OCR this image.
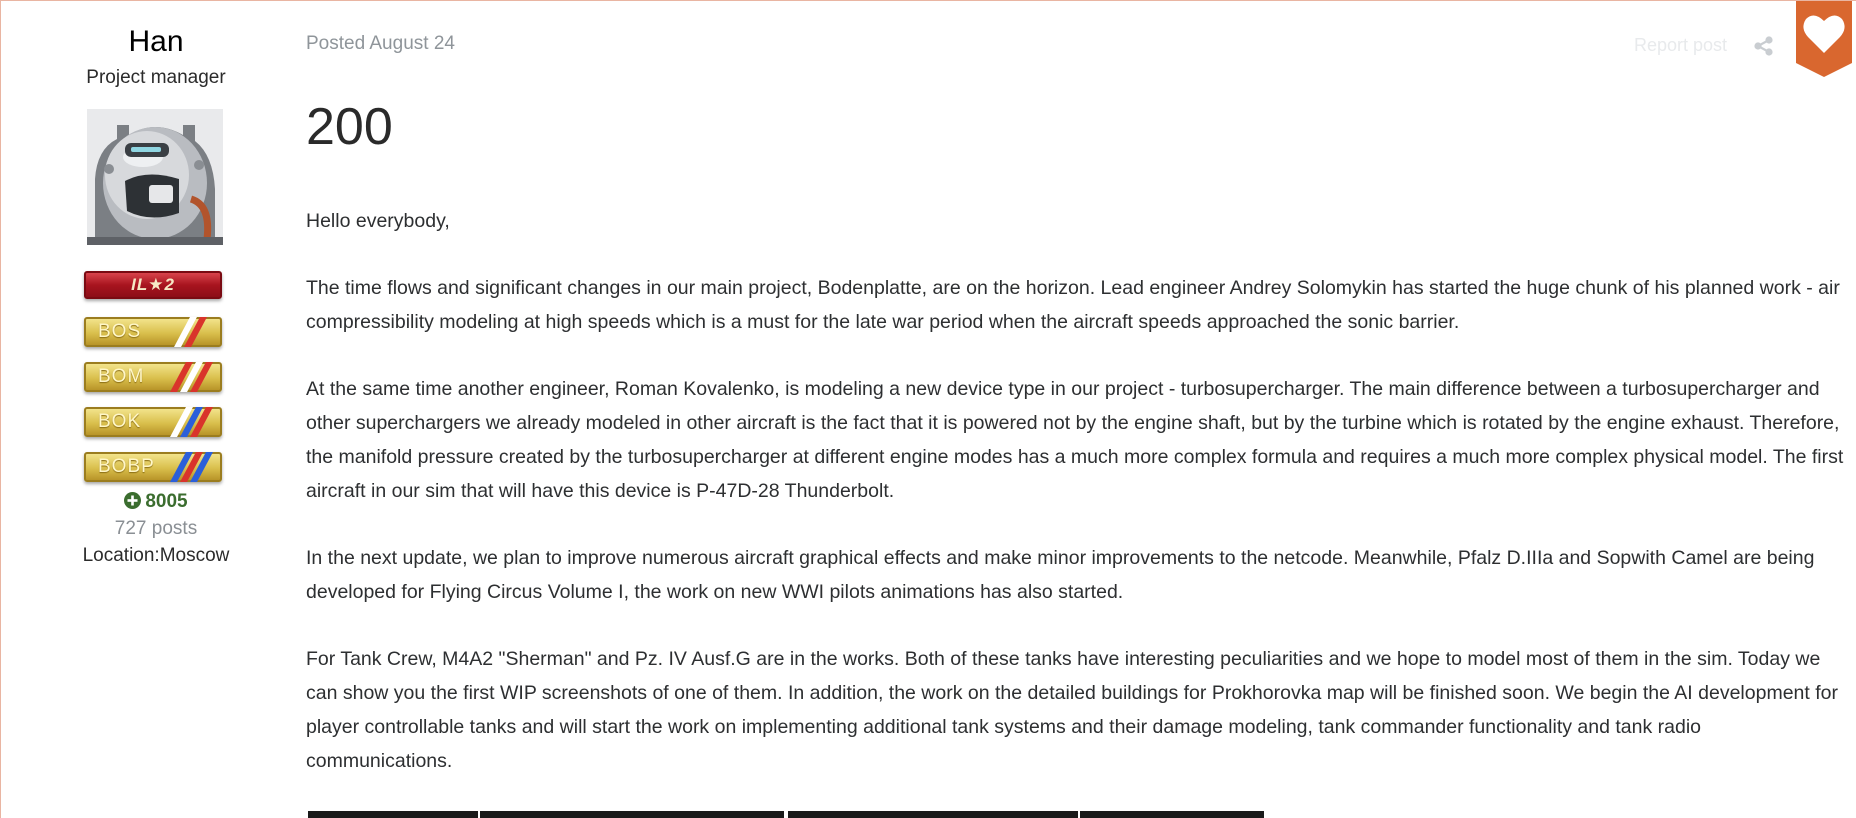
Han
Project manager
IL★2
BOS
BOM
BOK
BOBP
8005
727 posts
Location:Moscow
Posted August 24	Report post
200

Hello everybody,

The time flows and significant changes in our main project, Bodenplatte, are on the horizon. Lead engineer Andrey Solomykin has started the huge chunk of his planned work - air compressibility modeling at high speeds which is a must for the late war period when the aircraft speeds approached the sonic barrier.

At the same time another engineer, Roman Kovalenko, is modeling a new device type in our project - turbosupercharger. The main difference between a turbosupercharger and other superchargers we already modeled in other aircraft is the fact that it is powered not by the engine shaft, but by the turbine which is rotated by the engine exhaust. Therefore, the manifold pressure created by the turbosupercharger at different engine modes has a much more complex formula and requires a much more complex physical model. The first aircraft in our sim that will have this device is P-47D-28 Thunderbolt.

In the next update, we plan to improve numerous aircraft graphical effects and make minor improvements to the netcode. Meanwhile, Pfalz D.IIIa and Sopwith Camel are being developed for Flying Circus Volume I, the work on new WWI pilots animations has also started.

For Tank Crew, M4A2 "Sherman" and Pz. IV Ausf.G are in the works. Both of these tanks have interesting peculiarities and we hope to model most of them in the sim. Today we can show you the first WIP screenshots of one of them. In addition, the work on the detailed buildings for Prokhorovka map will be finished soon. We begin the AI development for player controllable tanks and will start the work on implementing additional tank systems and their damage modeling, tank commander functionality and tank radio communications.
